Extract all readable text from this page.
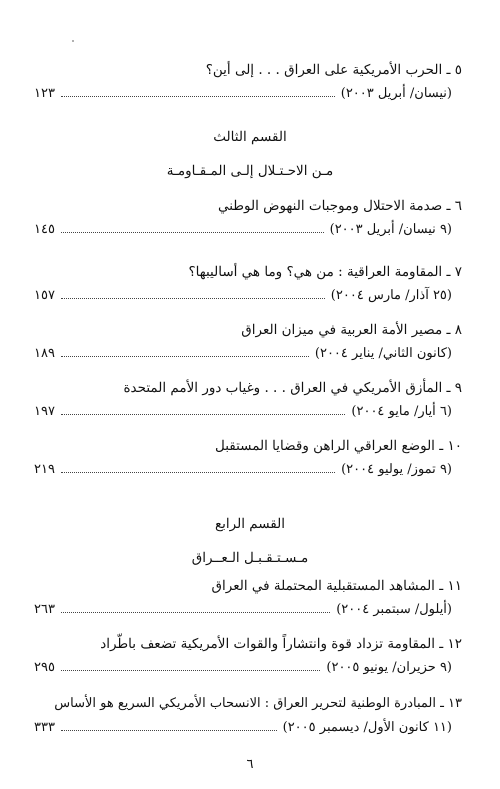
٥ ـ الحرب الأمريكية على العراق . . . إلى أين؟
(نيسان/ أبريل ٢٠٠٣)
١٢٣
القسم الثالث
مـن الاحـتـلال إلـى المـقـاومـة
٦ ـ صدمة الاحتلال وموجبات النهوض الوطني
(٩ نيسان/ أبريل ٢٠٠٣)
١٤٥
٧ ـ المقاومة العراقية : من هي؟ وما هي أساليبها؟
(٢٥ آذار/ مارس ٢٠٠٤)
١٥٧
٨ ـ مصير الأمة العربية في ميزان العراق
(كانون الثاني/ يناير ٢٠٠٤)
١٨٩
٩ ـ المأزق الأمريكي في العراق . . . وغياب دور الأمم المتحدة
(٦ أيار/ مايو ٢٠٠٤)
١٩٧
١٠ ـ الوضع العراقي الراهن وقضايا المستقبل
(٩ تموز/ يوليو ٢٠٠٤)
٢١٩
القسم الرابع
مـسـتـقـبـل الـعــراق
١١ ـ المشاهد المستقبلية المحتملة في العراق
(أيلول/ سبتمبر ٢٠٠٤)
٢٦٣
١٢ ـ المقاومة تزداد قوة وانتشاراً والقوات الأمريكية تضعف باطّراد
(٩ حزيران/ يونيو ٢٠٠٥)
٢٩٥
١٣ ـ المبادرة الوطنية لتحرير العراق : الانسحاب الأمريكي السريع هو الأساس
(١١ كانون الأول/ ديسمبر ٢٠٠٥)
٣٣٣
٦
